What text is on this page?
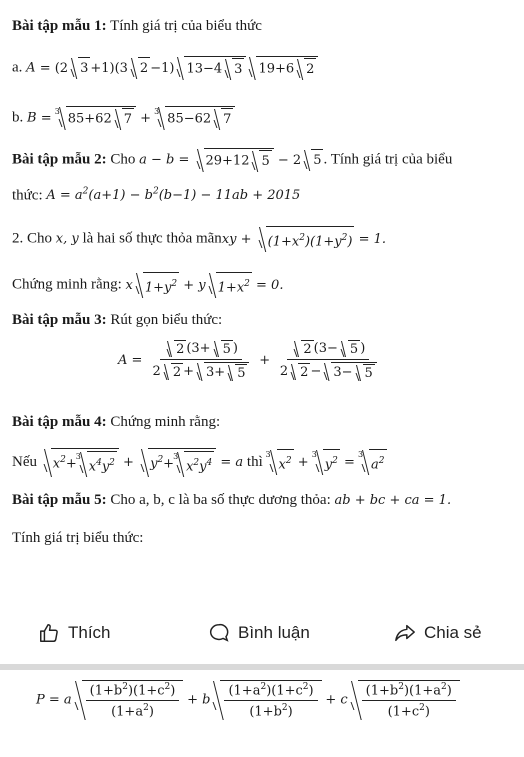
Bài tập mẫu 1: Tính giá trị của biểu thức
a. A = (2 3 +1)(3 2 −1) 13−4 3 19+6 2
b. B = 3 85+62 7 + 3 85−62 7
Bài tập mẫu 2: Cho a − b = 29+12 5 − 2 5 . Tính giá trị của biểu
thức: $A = a^2(a+1) - b^2(b-1) - 11ab + 2015$
2. Cho x, y là hai số thực thỏa mãnxy + $(1+x^2)(1+y^2) = 1$.
Chứng minh rằng: x $1+y^2 + y$ $1+x^2 = 0$.
Bài tập mẫu 3: Rút gọn biểu thức:
$A = \frac{2 (3+ 5 )}{2 2 + 3+ 5} + \frac{2 (3- 5 )}{2 2 - 3- 5}$
Bài tập mẫu 4: Chứng minh rằng:
Nếu $x^2+$
3
$x^4y^2 + y^2+$
3
$x^2y^4 = a$ thì 3
$x^2$ +
3
$y^2$ =
3
$a^2$
Bài tập mẫu 5: Cho a, b, c là ba số thực dương thỏa: ab + bc + ca = 1.
Tính giá trị biểu thức:
Thích	Bình luận	Chia sẻ
P = a $\frac{(1+b^2)(1+c^2)}{(1+a^2)} + b \frac{(1+a^2)(1+c^2)}{(1+b^2)} + c \frac{(1+b^2)(1+a^2)}{(1+c^2)}$
